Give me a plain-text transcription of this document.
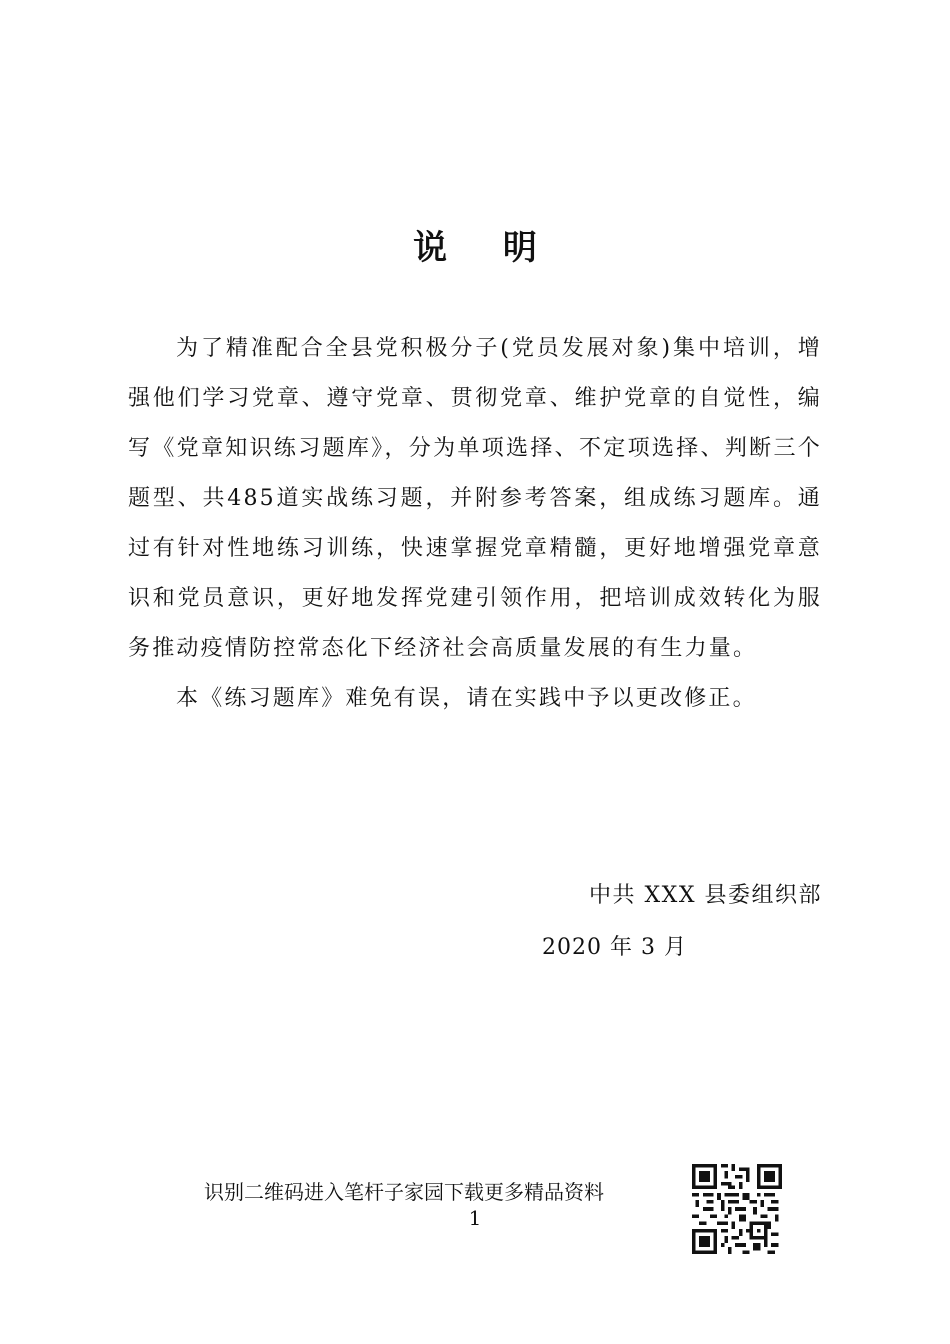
说 明

为了精准配合全县党积极分子(党员发展对象)集中培训，增强他们学习党章、遵守党章、贯彻党章、维护党章的自觉性，编写《党章知识练习题库》，分为单项选择、不定项选择、判断三个题型、共485道实战练习题，并附参考答案，组成练习题库。通过有针对性地练习训练，快速掌握党章精髓，更好地增强党章意识和党员意识，更好地发挥党建引领作用，把培训成效转化为服务推动疫情防控常态化下经济社会高质量发展的有生力量。

本《练习题库》难免有误，请在实践中予以更改修正。

中共 XXX 县委组织部
2020 年 3 月
识别二维码进入笔杆子家园下载更多精品资料
1
